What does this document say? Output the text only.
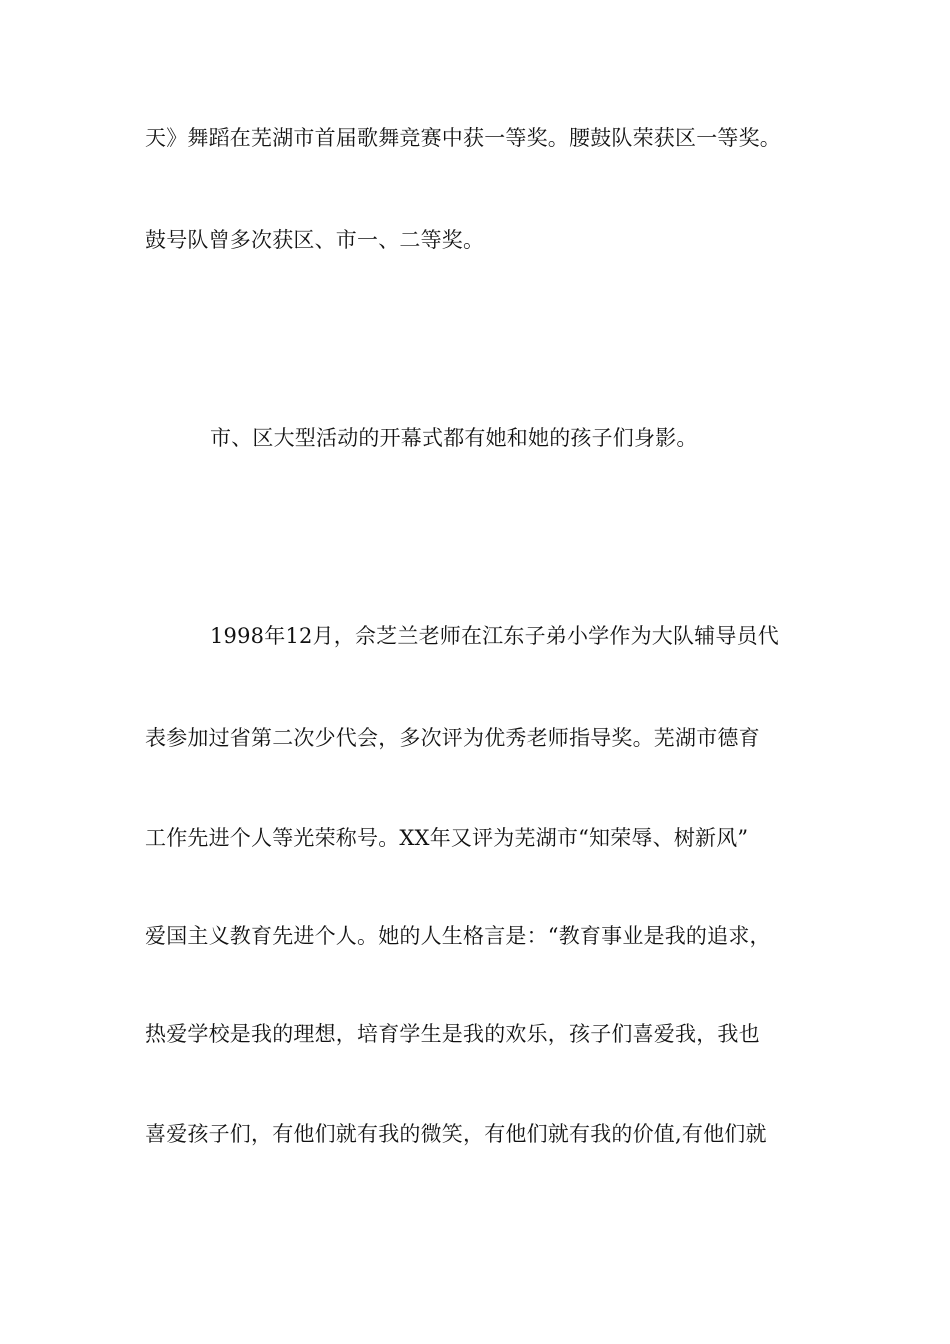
天》舞蹈在芜湖市首届歌舞竞赛中获一等奖。腰鼓队荣获区一等奖。
鼓号队曾多次获区、市一、二等奖。
市、区大型活动的开幕式都有她和她的孩子们身影。
1998年12月，佘芝兰老师在江东子弟小学作为大队辅导员代
表参加过省第二次少代会，多次评为优秀老师指导奖。芜湖市德育
工作先进个人等光荣称号。XX年又评为芜湖市“知荣辱、树新风”
爱国主义教育先进个人。她的人生格言是：“教育事业是我的追求，
热爱学校是我的理想，培育学生是我的欢乐，孩子们喜爱我，我也
喜爱孩子们，有他们就有我的微笑，有他们就有我的价值,有他们就
